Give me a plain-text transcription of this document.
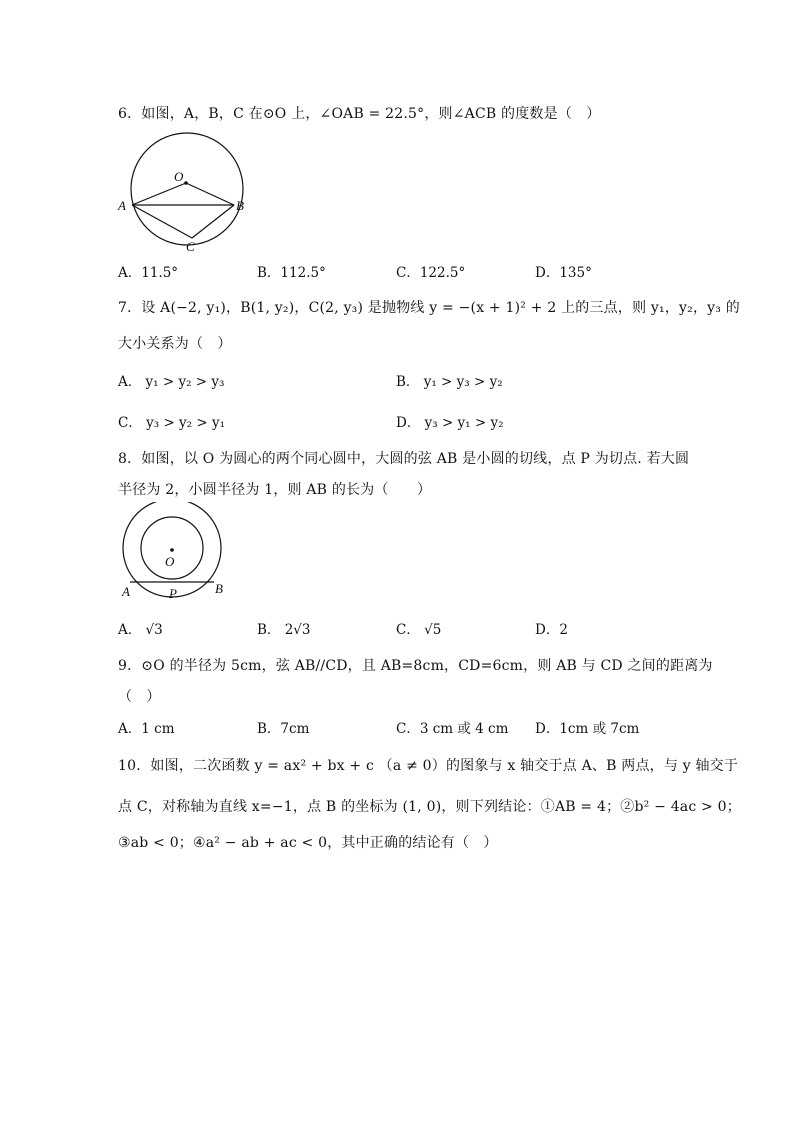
6．如图，A，B，C 在⊙O 上，∠OAB = 22.5°，则∠ACB 的度数是（　）
O
A	B
C
A．11.5°	B．112.5°	C．122.5°	D．135°
7．设 A(−2, y₁)，B(1, y₂)，C(2, y₃) 是抛物线 y = −(x + 1)² + 2 上的三点，则 y₁，y₂，y₃ 的
大小关系为（　）
A． y₁ > y₂ > y₃	B． y₁ > y₃ > y₂
C． y₃ > y₂ > y₁	D． y₃ > y₁ > y₂
8．如图，以 O 为圆心的两个同心圆中，大圆的弦 AB 是小圆的切线，点 P 为切点. 若大圆
半径为 2，小圆半径为 1，则 AB 的长为（　　）
O
A	B
P
A． √3	B． 2√3	C． √5	D．2
9．⊙O 的半径为 5cm，弦 AB//CD，且 AB=8cm，CD=6cm，则 AB 与 CD 之间的距离为
（　）
A．1 cm	B．7cm	C．3 cm 或 4 cm D．1cm 或 7cm
10．如图，二次函数 y = ax² + bx + c （a ≠ 0）的图象与 x 轴交于点 A、B 两点，与 y 轴交于
点 C，对称轴为直线 x=−1，点 B 的坐标为 (1, 0)，则下列结论：①AB = 4；②b² − 4ac > 0；
③ab < 0；④a² − ab + ac < 0，其中正确的结论有（　）
